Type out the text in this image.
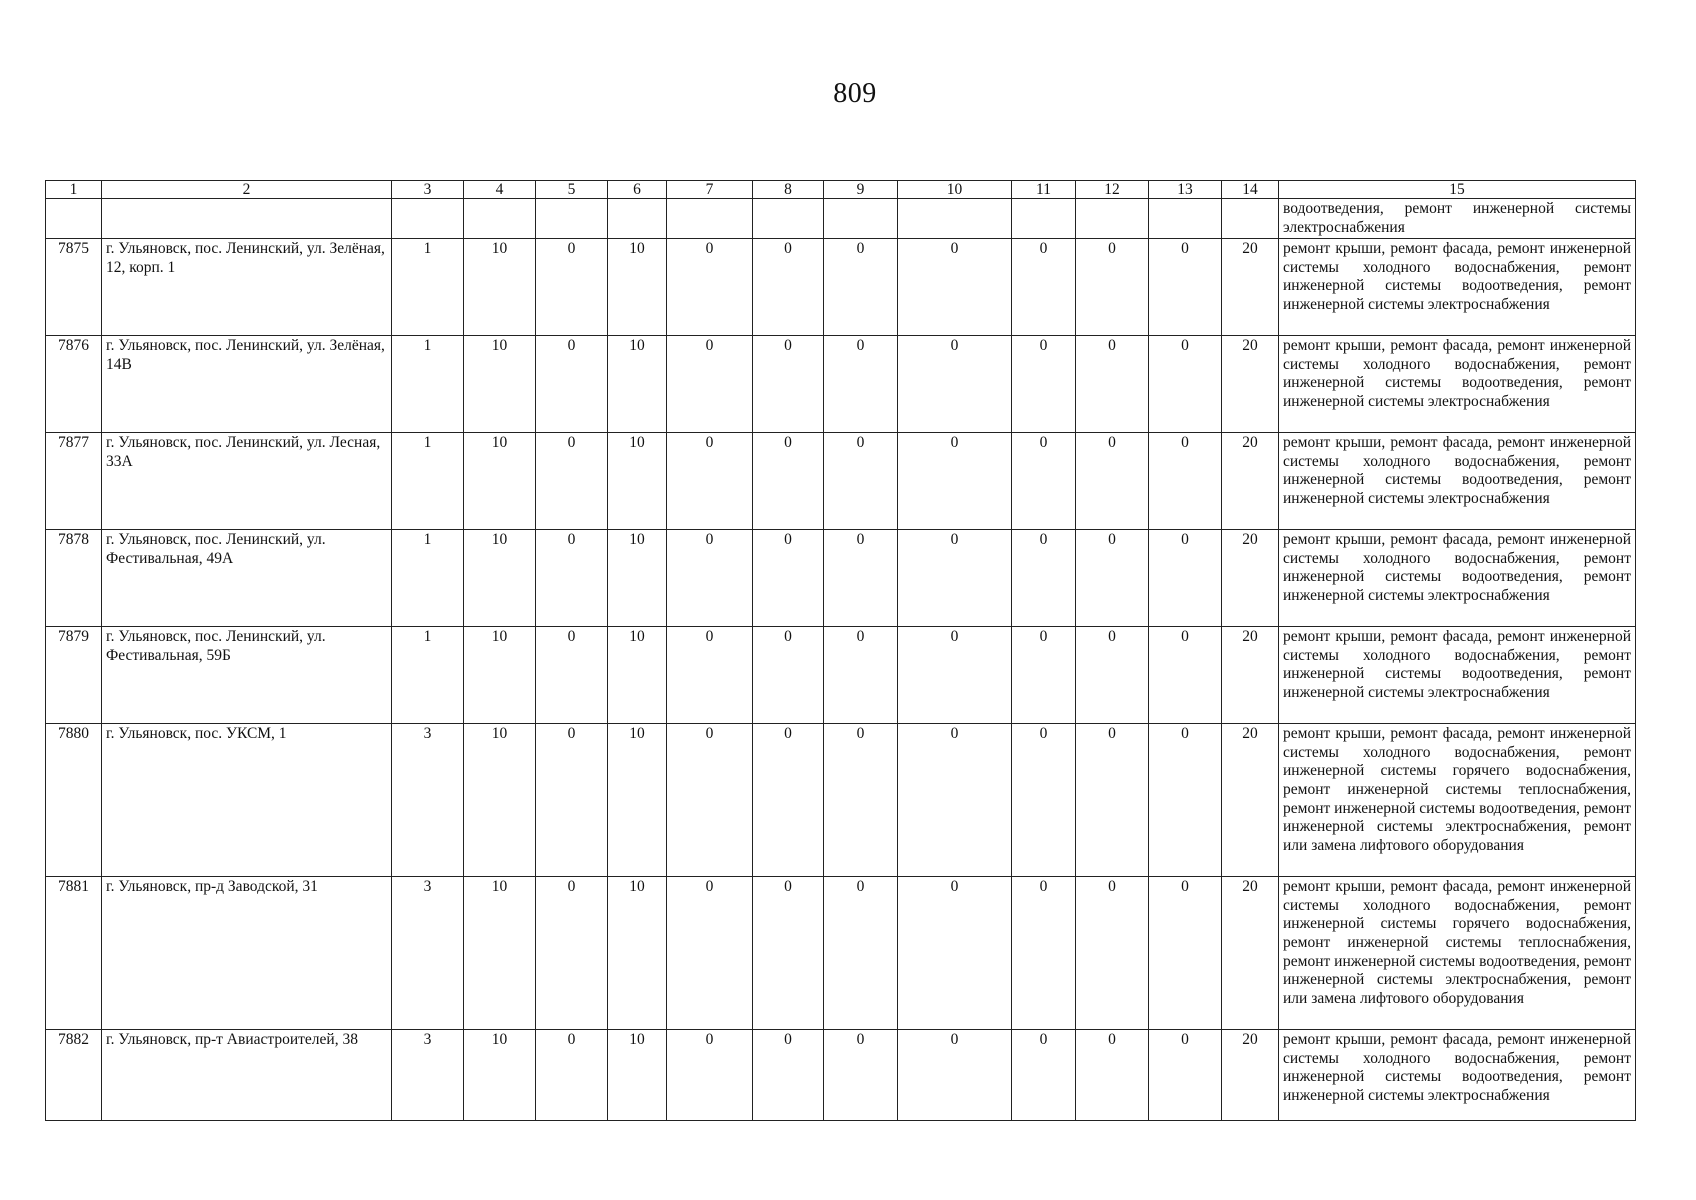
809
1	2	3	4	5	6	7	8	9	10	11	12	13	14	15
														водоотведения, ремонт инженерной системы электроснабжения
7875	г. Ульяновск, пос. Ленинский, ул. Зелёная, 12, корп. 1	1	10	0	10	0	0	0	0	0	0	0	20	ремонт крыши, ремонт фасада, ремонт инженерной системы холодного водоснабжения, ремонт инженерной системы водоотведения, ремонт инженерной системы электроснабжения
7876	г. Ульяновск, пос. Ленинский, ул. Зелёная, 14В	1	10	0	10	0	0	0	0	0	0	0	20	ремонт крыши, ремонт фасада, ремонт инженерной системы холодного водоснабжения, ремонт инженерной системы водоотведения, ремонт инженерной системы электроснабжения
7877	г. Ульяновск, пос. Ленинский, ул. Лесная, 33А	1	10	0	10	0	0	0	0	0	0	0	20	ремонт крыши, ремонт фасада, ремонт инженерной системы холодного водоснабжения, ремонт инженерной системы водоотведения, ремонт инженерной системы электроснабжения
7878	г. Ульяновск, пос. Ленинский, ул. Фестивальная, 49А	1	10	0	10	0	0	0	0	0	0	0	20	ремонт крыши, ремонт фасада, ремонт инженерной системы холодного водоснабжения, ремонт инженерной системы водоотведения, ремонт инженерной системы электроснабжения
7879	г. Ульяновск, пос. Ленинский, ул. Фестивальная, 59Б	1	10	0	10	0	0	0	0	0	0	0	20	ремонт крыши, ремонт фасада, ремонт инженерной системы холодного водоснабжения, ремонт инженерной системы водоотведения, ремонт инженерной системы электроснабжения
7880	г. Ульяновск, пос. УКСМ, 1	3	10	0	10	0	0	0	0	0	0	0	20	ремонт крыши, ремонт фасада, ремонт инженерной системы холодного водоснабжения, ремонт инженерной системы горячего водоснабжения, ремонт инженерной системы теплоснабжения, ремонт инженерной системы водоотведения, ремонт инженерной системы электроснабжения, ремонт или замена лифтового оборудования
7881	г. Ульяновск, пр-д Заводской, 31	3	10	0	10	0	0	0	0	0	0	0	20	ремонт крыши, ремонт фасада, ремонт инженерной системы холодного водоснабжения, ремонт инженерной системы горячего водоснабжения, ремонт инженерной системы теплоснабжения, ремонт инженерной системы водоотведения, ремонт инженерной системы электроснабжения, ремонт или замена лифтового оборудования
7882	г. Ульяновск, пр-т Авиастроителей, 38	3	10	0	10	0	0	0	0	0	0	0	20	ремонт крыши, ремонт фасада, ремонт инженерной системы холодного водоснабжения, ремонт инженерной системы водоотведения, ремонт инженерной системы электроснабжения
